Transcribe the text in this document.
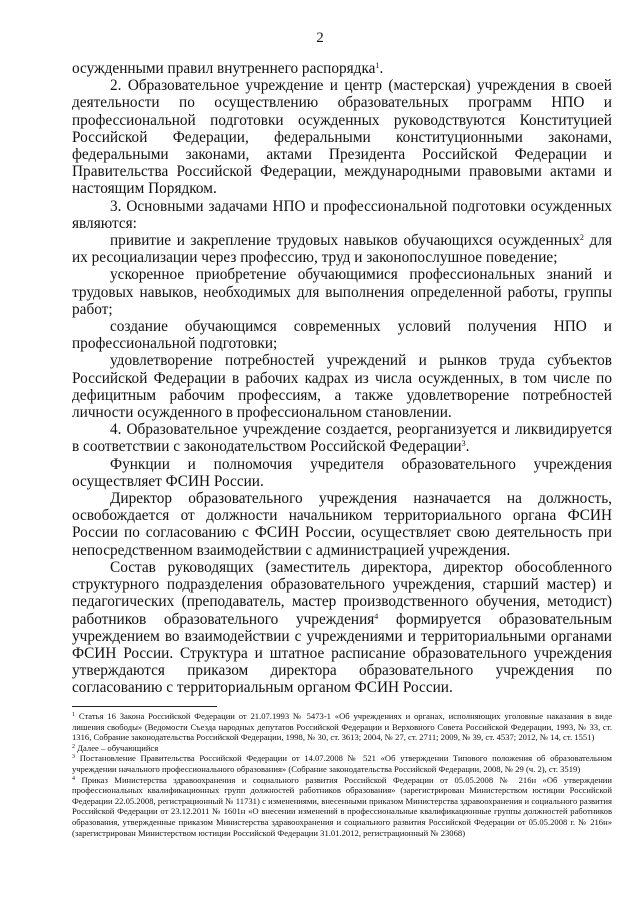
2

осужденными правил внутреннего распорядка$^1$.

2. Образовательное учреждение и центр (мастерская) учреждения в своей деятельности по осуществлению образовательных программ НПО и профессиональной подготовки осужденных руководствуются Конституцией Российской Федерации, федеральными конституционными законами, федеральными законами, актами Президента Российской Федерации и Правительства Российской Федерации, международными правовыми актами и настоящим Порядком.

3. Основными задачами НПО и профессиональной подготовки осужденных являются:

привитие и закрепление трудовых навыков обучающихся осужденных$^2$ для их ресоциализации через профессию, труд и законопослушное поведение;

ускоренное приобретение обучающимися профессиональных знаний и трудовых навыков, необходимых для выполнения определенной работы, группы работ;

создание обучающимся современных условий получения НПО и профессиональной подготовки;

удовлетворение потребностей учреждений и рынков труда субъектов Российской Федерации в рабочих кадрах из числа осужденных, в том числе по дефицитным рабочим профессиям, а также удовлетворение потребностей личности осужденного в профессиональном становлении.

4. Образовательное учреждение создается, реорганизуется и ликвидируется в соответствии с законодательством Российской Федерации$^3$.

Функции и полномочия учредителя образовательного учреждения осуществляет ФСИН России.

Директор образовательного учреждения назначается на должность, освобождается от должности начальником территориального органа ФСИН России по согласованию с ФСИН России, осуществляет свою деятельность при непосредственном взаимодействии с администрацией учреждения.

Состав руководящих (заместитель директора, директор обособленного структурного подразделения образовательного учреждения, старший мастер) и педагогических (преподаватель, мастер производственного обучения, методист) работников образовательного учреждения$^4$ формируется образовательным учреждением во взаимодействии с учреждениями и территориальными органами ФСИН России. Структура и штатное расписание образовательного учреждения утверждаются приказом директора образовательного учреждения по согласованию с территориальным органом ФСИН России.

$^1$ Статья 16 Закона Российской Федерации от 21.07.1993 № 5473-1 «Об учреждениях и органах, исполняющих уголовные наказания в виде лишения свободы» (Ведомости Съезда народных депутатов Российской Федерации и Верховного Совета Российской Федерации, 1993, № 33, ст. 1316, Собрание законодательства Российской Федерации, 1998, № 30, ст. 3613; 2004, № 27, ст. 2711; 2009, № 39, ст. 4537; 2012, № 14, ст. 1551)

$^2$ Далее – обучающийся

$^3$ Постановление Правительства Российской Федерации от 14.07.2008 № 521 «Об утверждении Типового положения об образовательном учреждении начального профессионального образования» (Собрание законодательства Российской Федерации, 2008, № 29 (ч. 2), ст. 3519)

$^4$ Приказ Министерства здравоохранения и социального развития Российской Федерации от 05.05.2008 № 216н «Об утверждении профессиональных квалификационных групп должностей работников образования» (зарегистрирован Министерством юстиции Российской Федерации 22.05.2008, регистрационный № 11731) с изменениями, внесенными приказом Министерства здравоохранения и социального развития Российской Федерации от 23.12.2011 № 1601н «О внесении изменений в профессиональные квалификационные группы должностей работников образования, утвержденные приказом Министерства здравоохранения и социального развития Российской Федерации от 05.05.2008 г. № 216н» (зарегистрирован Министерством юстиции Российской Федерации 31.01.2012, регистрационный № 23068)
